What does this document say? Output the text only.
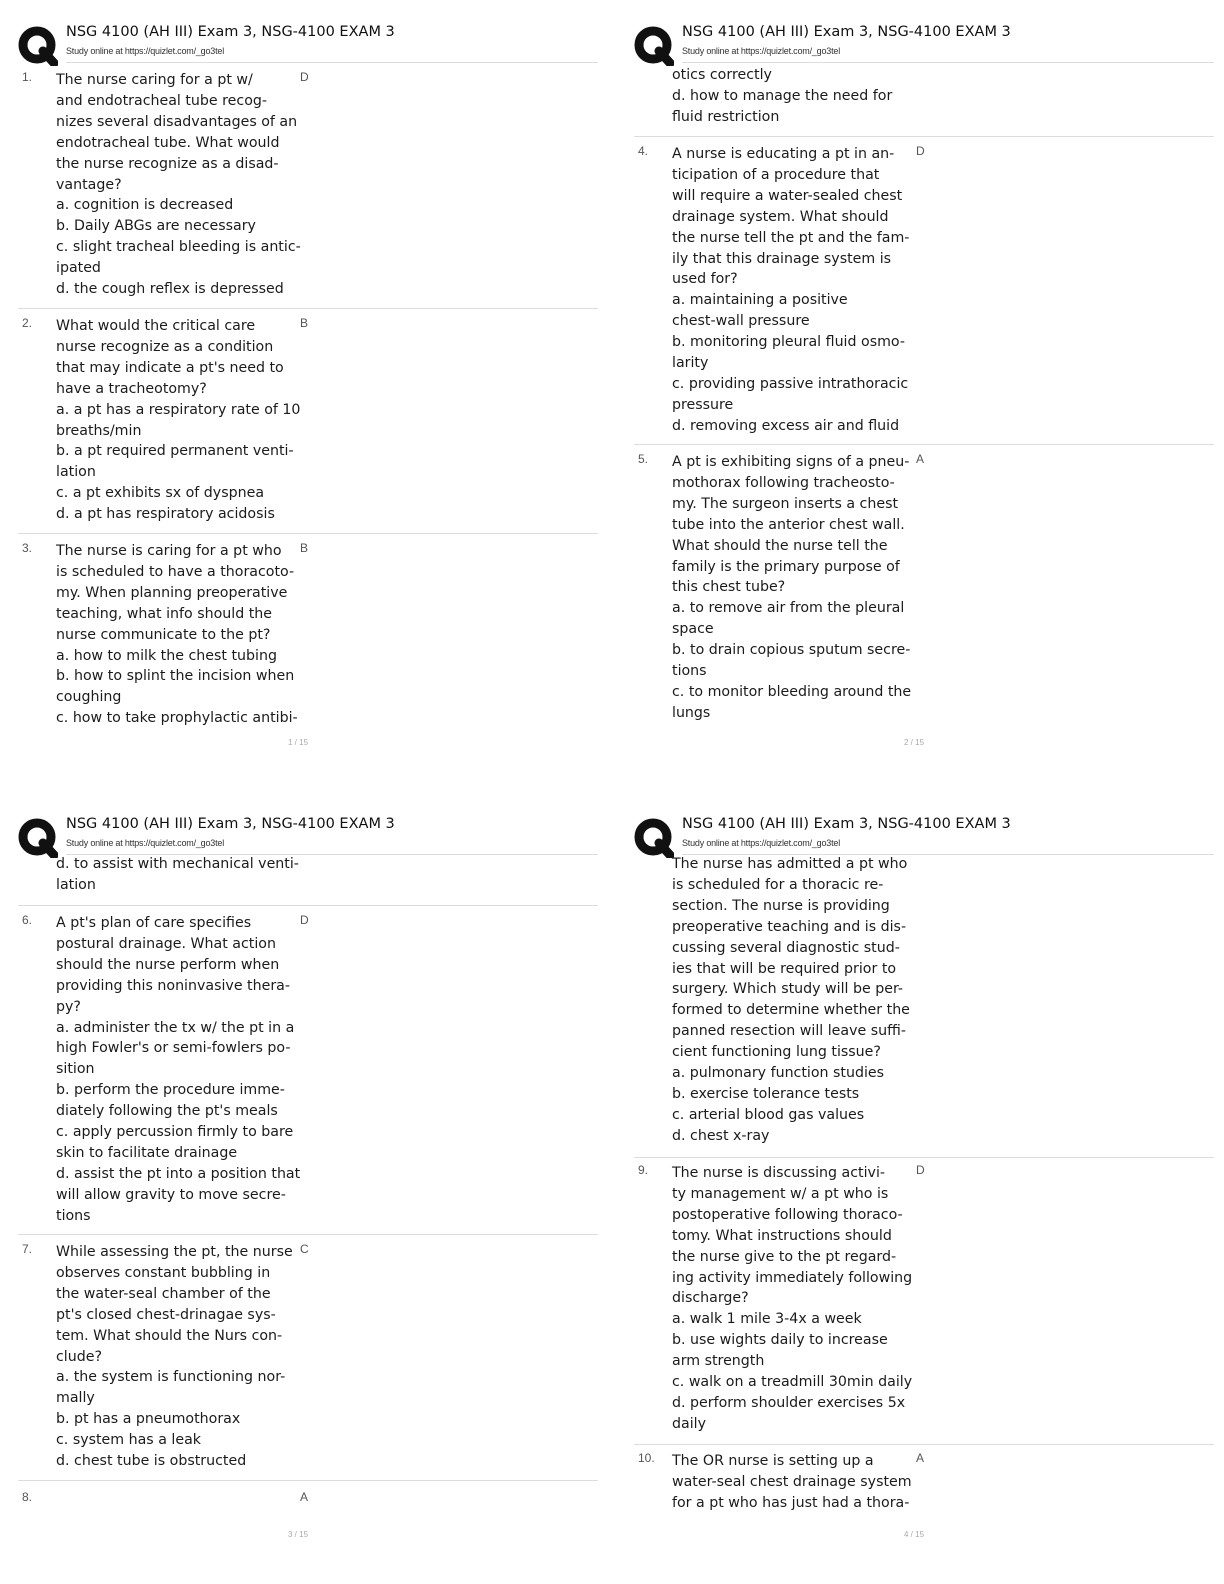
NSG 4100 (AH III) Exam 3, NSG-4100 EXAM 3
Study online at https://quizlet.com/_go3tel
1.	D
The nurse caring for a pt w/
and endotracheal tube recog-
nizes several disadvantages of an
endotracheal tube. What would
the nurse recognize as a disad-
vantage?
a. cognition is decreased
b. Daily ABGs are necessary
c. slight tracheal bleeding is antic-
ipated
d. the cough reflex is depressed
2.	B
What would the critical care
nurse recognize as a condition
that may indicate a pt's need to
have a tracheotomy?
a. a pt has a respiratory rate of 10
breaths/min
b. a pt required permanent venti-
lation
c. a pt exhibits sx of dyspnea
d. a pt has respiratory acidosis
3.	B
The nurse is caring for a pt who
is scheduled to have a thoracoto-
my. When planning preoperative
teaching, what info should the
nurse communicate to the pt?
a. how to milk the chest tubing
b. how to splint the incision when
coughing
c. how to take prophylactic antibi-
1 / 15
NSG 4100 (AH III) Exam 3, NSG-4100 EXAM 3
Study online at https://quizlet.com/_go3tel
otics correctly
d. how to manage the need for
fluid restriction
4.	D
A nurse is educating a pt in an-
ticipation of a procedure that
will require a water-sealed chest
drainage system. What should
the nurse tell the pt and the fam-
ily that this drainage system is
used for?
a. maintaining a positive
chest-wall pressure
b. monitoring pleural fluid osmo-
larity
c. providing passive intrathoracic
pressure
d. removing excess air and fluid
5.	A
A pt is exhibiting signs of a pneu-
mothorax following tracheosto-
my. The surgeon inserts a chest
tube into the anterior chest wall.
What should the nurse tell the
family is the primary purpose of
this chest tube?
a. to remove air from the pleural
space
b. to drain copious sputum secre-
tions
c. to monitor bleeding around the
lungs
2 / 15
NSG 4100 (AH III) Exam 3, NSG-4100 EXAM 3
Study online at https://quizlet.com/_go3tel
d. to assist with mechanical venti-
lation
6.	D
A pt's plan of care specifies
postural drainage. What action
should the nurse perform when
providing this noninvasive thera-
py?
a. administer the tx w/ the pt in a
high Fowler's or semi-fowlers po-
sition
b. perform the procedure imme-
diately following the pt's meals
c. apply percussion firmly to bare
skin to facilitate drainage
d. assist the pt into a position that
will allow gravity to move secre-
tions
7.	C
While assessing the pt, the nurse
observes constant bubbling in
the water-seal chamber of the
pt's closed chest-drinagae sys-
tem. What should the Nurs con-
clude?
a. the system is functioning nor-
mally
b. pt has a pneumothorax
c. system has a leak
d. chest tube is obstructed
8.	A
3 / 15
NSG 4100 (AH III) Exam 3, NSG-4100 EXAM 3
Study online at https://quizlet.com/_go3tel
The nurse has admitted a pt who
is scheduled for a thoracic re-
section. The nurse is providing
preoperative teaching and is dis-
cussing several diagnostic stud-
ies that will be required prior to
surgery. Which study will be per-
formed to determine whether the
panned resection will leave suffi-
cient functioning lung tissue?
a. pulmonary function studies
b. exercise tolerance tests
c. arterial blood gas values
d. chest x-ray
9.	D
The nurse is discussing activi-
ty management w/ a pt who is
postoperative following thoraco-
tomy. What instructions should
the nurse give to the pt regard-
ing activity immediately following
discharge?
a. walk 1 mile 3-4x a week
b. use wights daily to increase
arm strength
c. walk on a treadmill 30min daily
d. perform shoulder exercises 5x
daily
10.	A
The OR nurse is setting up a
water-seal chest drainage system
for a pt who has just had a thora-
4 / 15
